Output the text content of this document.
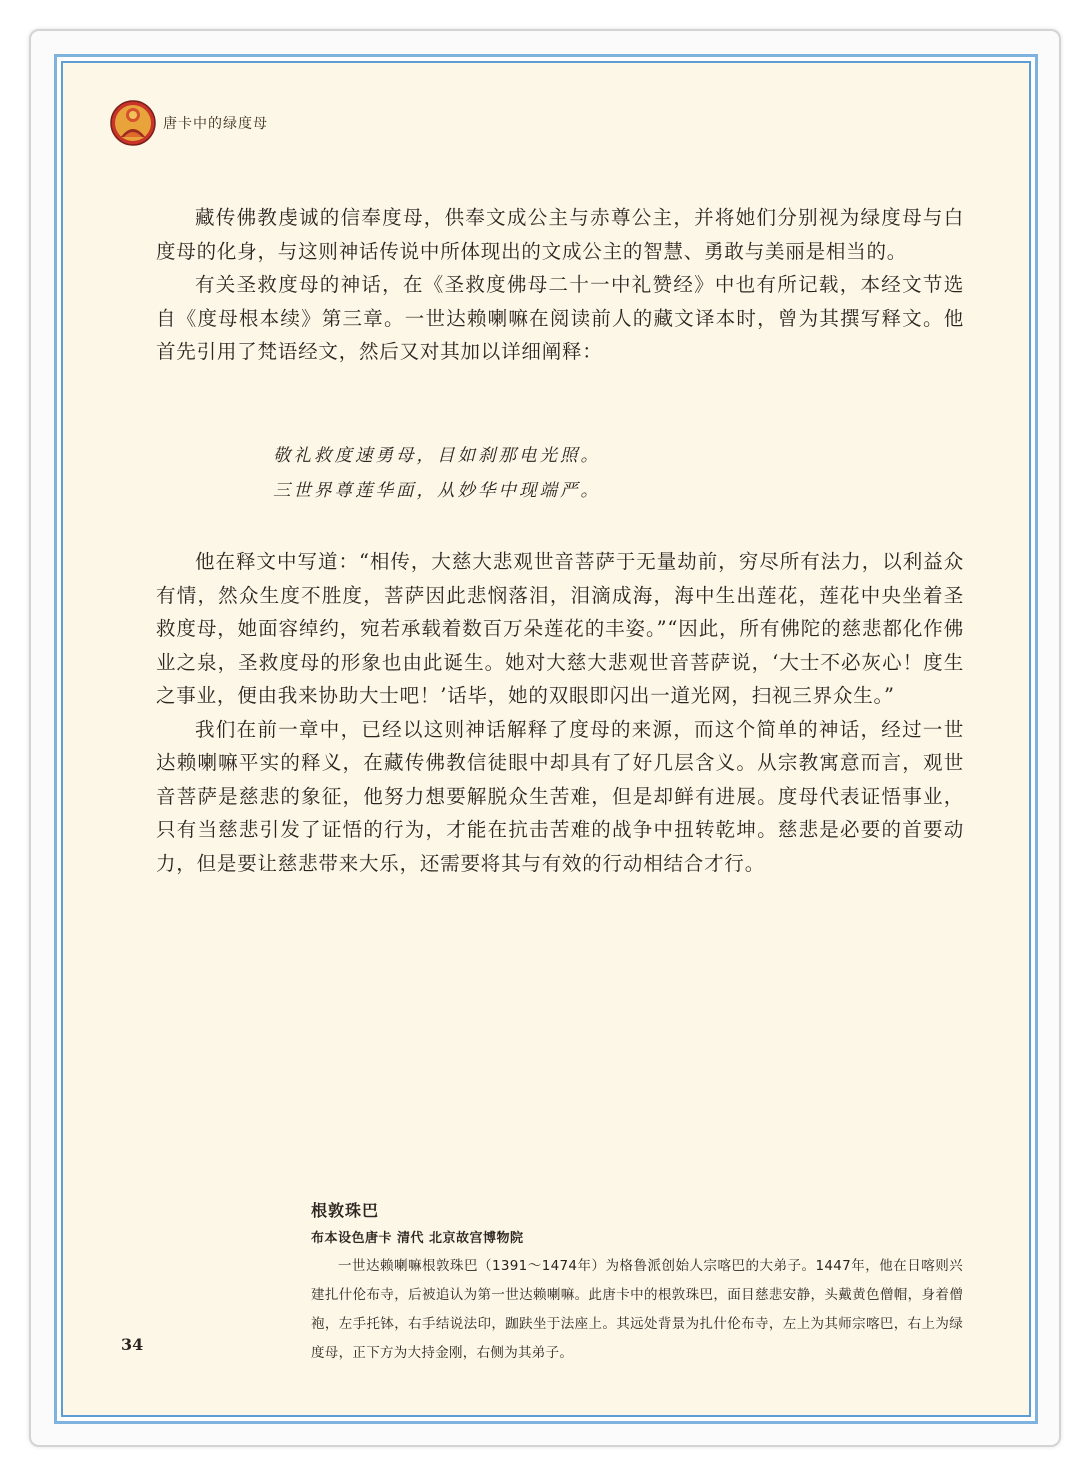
唐卡中的绿度母

藏传佛教虔诚的信奉度母，供奉文成公主与赤尊公主，并将她们分别视为绿度母与白度母的化身，与这则神话传说中所体现出的文成公主的智慧、勇敢与美丽是相当的。

有关圣救度母的神话，在《圣救度佛母二十一中礼赞经》中也有所记载，本经文节选自《度母根本续》第三章。一世达赖喇嘛在阅读前人的藏文译本时，曾为其撰写释文。他首先引用了梵语经文，然后又对其加以详细阐释：

敬礼救度速勇母，目如刹那电光照。
三世界尊莲华面，从妙华中现端严。

他在释文中写道：“相传，大慈大悲观世音菩萨于无量劫前，穷尽所有法力，以利益众有情，然众生度不胜度，菩萨因此悲悯落泪，泪滴成海，海中生出莲花，莲花中央坐着圣救度母，她面容绰约，宛若承载着数百万朵莲花的丰姿。”“因此，所有佛陀的慈悲都化作佛业之泉，圣救度母的形象也由此诞生。她对大慈大悲观世音菩萨说，‘大士不必灰心！度生之事业，便由我来协助大士吧！’话毕，她的双眼即闪出一道光网，扫视三界众生。”

我们在前一章中，已经以这则神话解释了度母的来源，而这个简单的神话，经过一世达赖喇嘛平实的释义，在藏传佛教信徒眼中却具有了好几层含义。从宗教寓意而言，观世音菩萨是慈悲的象征，他努力想要解脱众生苦难，但是却鲜有进展。度母代表证悟事业，只有当慈悲引发了证悟的行为，才能在抗击苦难的战争中扭转乾坤。慈悲是必要的首要动力，但是要让慈悲带来大乐，还需要将其与有效的行动相结合才行。

根敦珠巴
布本设色唐卡 清代 北京故宫博物院

一世达赖喇嘛根敦珠巴（1391～1474年）为格鲁派创始人宗喀巴的大弟子。1447年，他在日喀则兴建扎什伦布寺，后被追认为第一世达赖喇嘛。此唐卡中的根敦珠巴，面目慈悲安静，头戴黄色僧帽，身着僧袍，左手托钵，右手结说法印，跏趺坐于法座上。其远处背景为扎什伦布寺，左上为其师宗喀巴，右上为绿度母，正下方为大持金刚，右侧为其弟子。

34
